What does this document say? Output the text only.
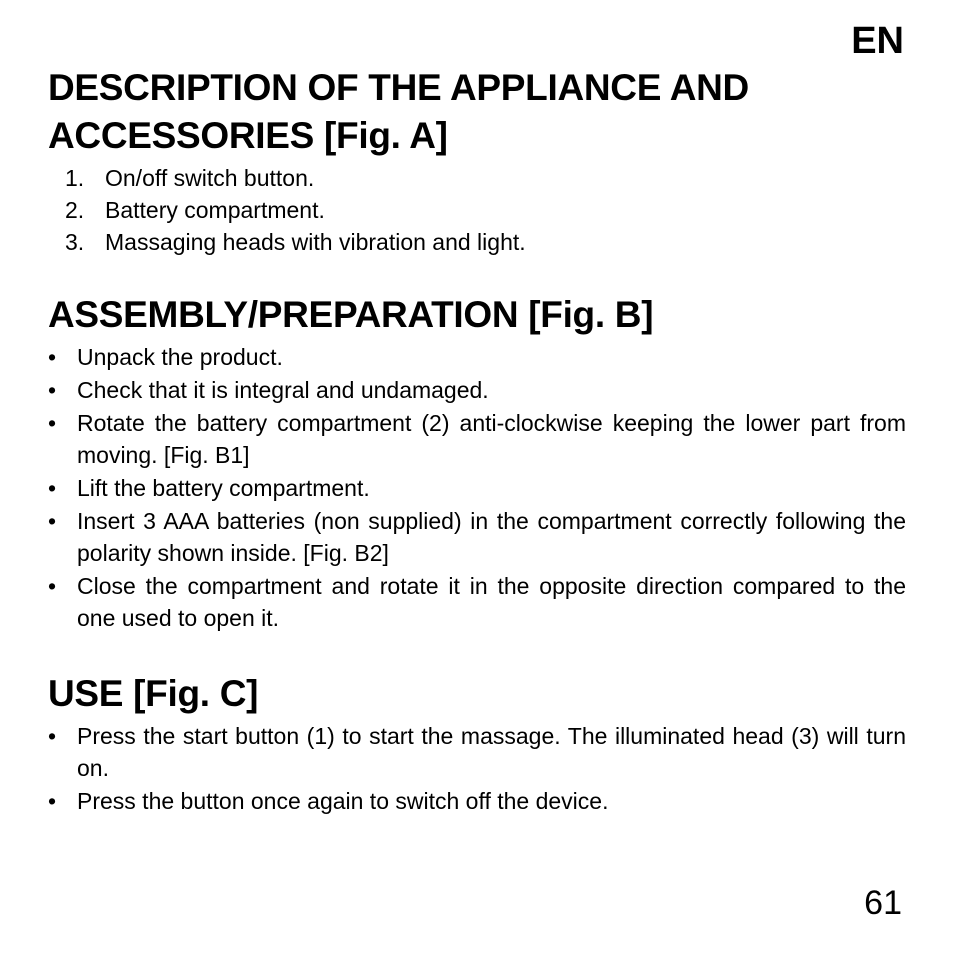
EN
DESCRIPTION OF THE APPLIANCE AND ACCESSORIES [Fig. A]
1. On/off switch button.
2. Battery compartment.
3. Massaging heads with vibration and light.
ASSEMBLY/PREPARATION [Fig. B]
• Unpack the product.
• Check that it is integral and undamaged.
• Rotate the battery compartment (2) anti-clockwise keeping the lower part from moving. [Fig. B1]
• Lift the battery compartment.
• Insert 3 AAA batteries (non supplied) in the compartment correctly following the polarity shown inside. [Fig. B2]
• Close the compartment and rotate it in the opposite direction compared to the one used to open it.
USE [Fig. C]
• Press the start button (1) to start the massage. The illuminated head (3) will turn on.
• Press the button once again to switch off the device.
61
